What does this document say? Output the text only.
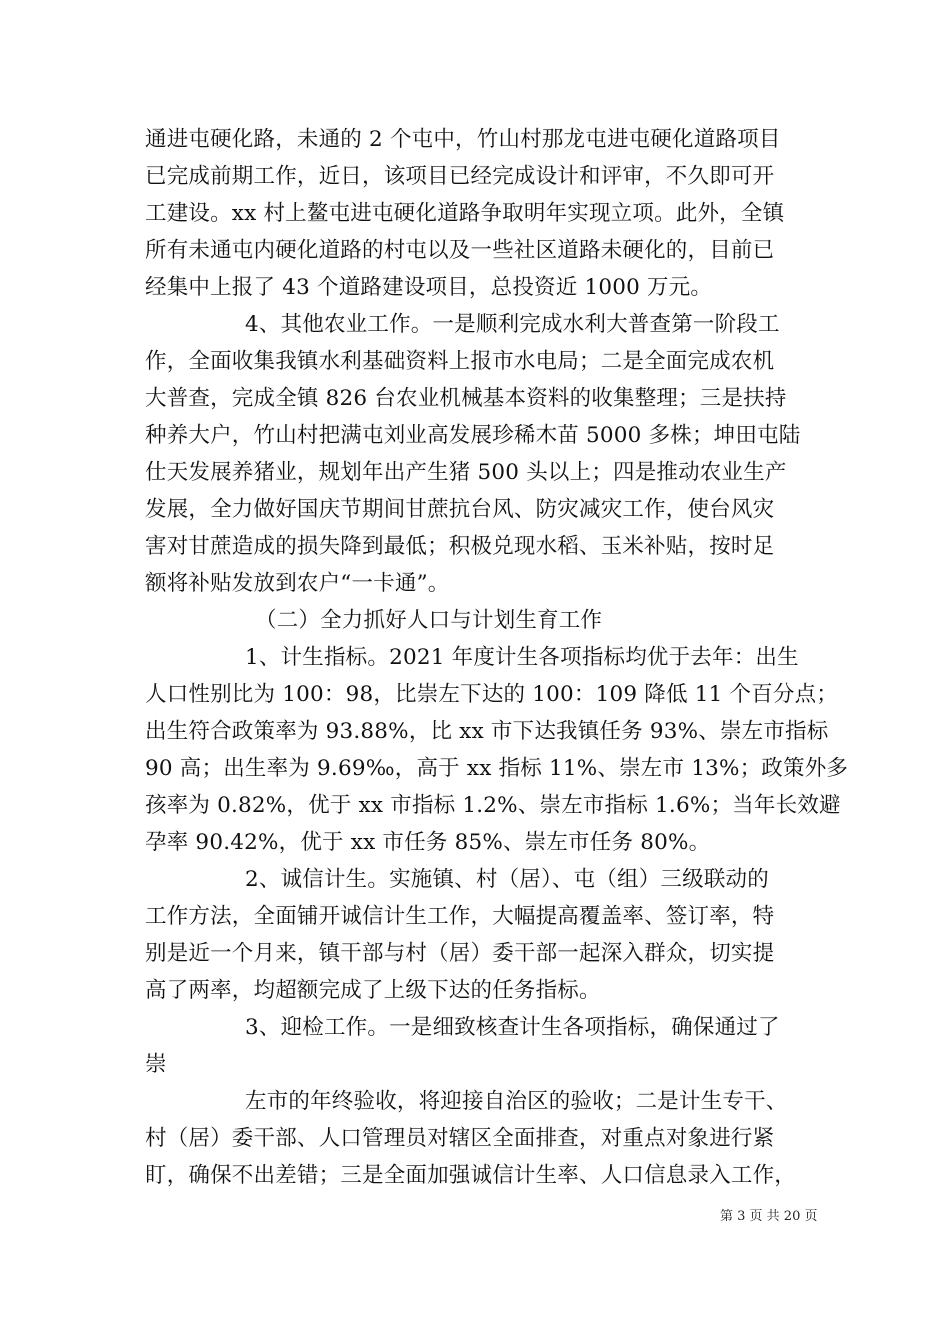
通进屯硬化路，未通的 2 个屯中，竹山村那龙屯进屯硬化道路项目
已完成前期工作，近日，该项目已经完成设计和评审，不久即可开
工建设。xx 村上鳌屯进屯硬化道路争取明年实现立项。此外，全镇
所有未通屯内硬化道路的村屯以及一些社区道路未硬化的，目前已
经集中上报了 43 个道路建设项目，总投资近 1000 万元。
4、其他农业工作。一是顺利完成水利大普查第一阶段工
作，全面收集我镇水利基础资料上报市水电局；二是全面完成农机
大普查，完成全镇 826 台农业机械基本资料的收集整理；三是扶持
种养大户，竹山村把满屯刘业高发展珍稀木苗 5000 多株；坤田屯陆
仕天发展养猪业，规划年出产生猪 500 头以上；四是推动农业生产
发展，全力做好国庆节期间甘蔗抗台风、防灾减灾工作，使台风灾
害对甘蔗造成的损失降到最低；积极兑现水稻、玉米补贴，按时足
额将补贴发放到农户“一卡通”。
（二）全力抓好人口与计划生育工作
1、计生指标。2021 年度计生各项指标均优于去年：出生
人口性别比为 100：98，比崇左下达的 100：109 降低 11 个百分点；
出生符合政策率为 93.88%，比 xx 市下达我镇任务 93%、崇左市指标
90 高；出生率为 9.69‰，高于 xx 指标 11%、崇左市 13%；政策外多
孩率为 0.82%，优于 xx 市指标 1.2%、崇左市指标 1.6%；当年长效避
孕率 90.42%，优于 xx 市任务 85%、崇左市任务 80%。
2、诚信计生。实施镇、村（居）、屯（组）三级联动的
工作方法，全面铺开诚信计生工作，大幅提高覆盖率、签订率，特
别是近一个月来，镇干部与村（居）委干部一起深入群众，切实提
高了两率，均超额完成了上级下达的任务指标。
3、迎检工作。一是细致核查计生各项指标，确保通过了
崇
左市的年终验收，将迎接自治区的验收；二是计生专干、
村（居）委干部、人口管理员对辖区全面排查，对重点对象进行紧
盯，确保不出差错；三是全面加强诚信计生率、人口信息录入工作，
第 3 页 共 20 页
